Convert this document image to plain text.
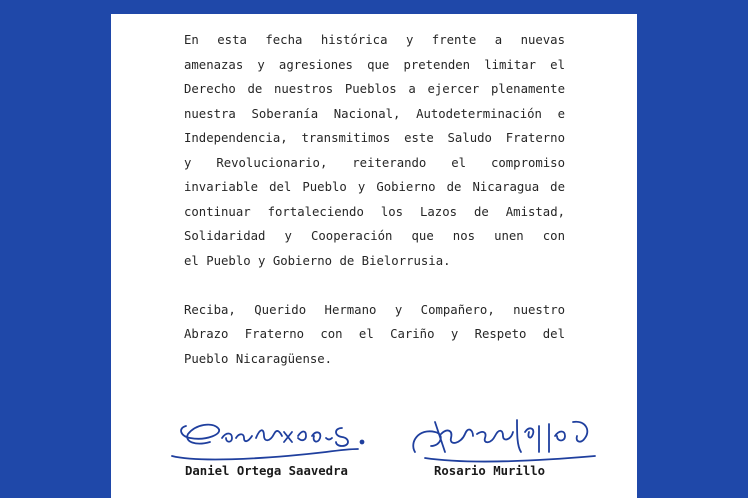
En esta fecha histórica y frente a nuevas
amenazas y agresiones que pretenden limitar el
Derecho de nuestros Pueblos a ejercer plenamente
nuestra Soberanía Nacional, Autodeterminación e
Independencia, transmitimos este Saludo Fraterno
y Revolucionario, reiterando el compromiso
invariable del Pueblo y Gobierno de Nicaragua de
continuar fortaleciendo los Lazos de Amistad,
Solidaridad y Cooperación que nos unen con
el Pueblo y Gobierno de Bielorrusia.

Reciba, Querido Hermano y Compañero, nuestro
Abrazo Fraterno con el Cariño y Respeto del
Pueblo Nicaragüense.

Daniel Ortega Saavedra	Rosario Murillo
